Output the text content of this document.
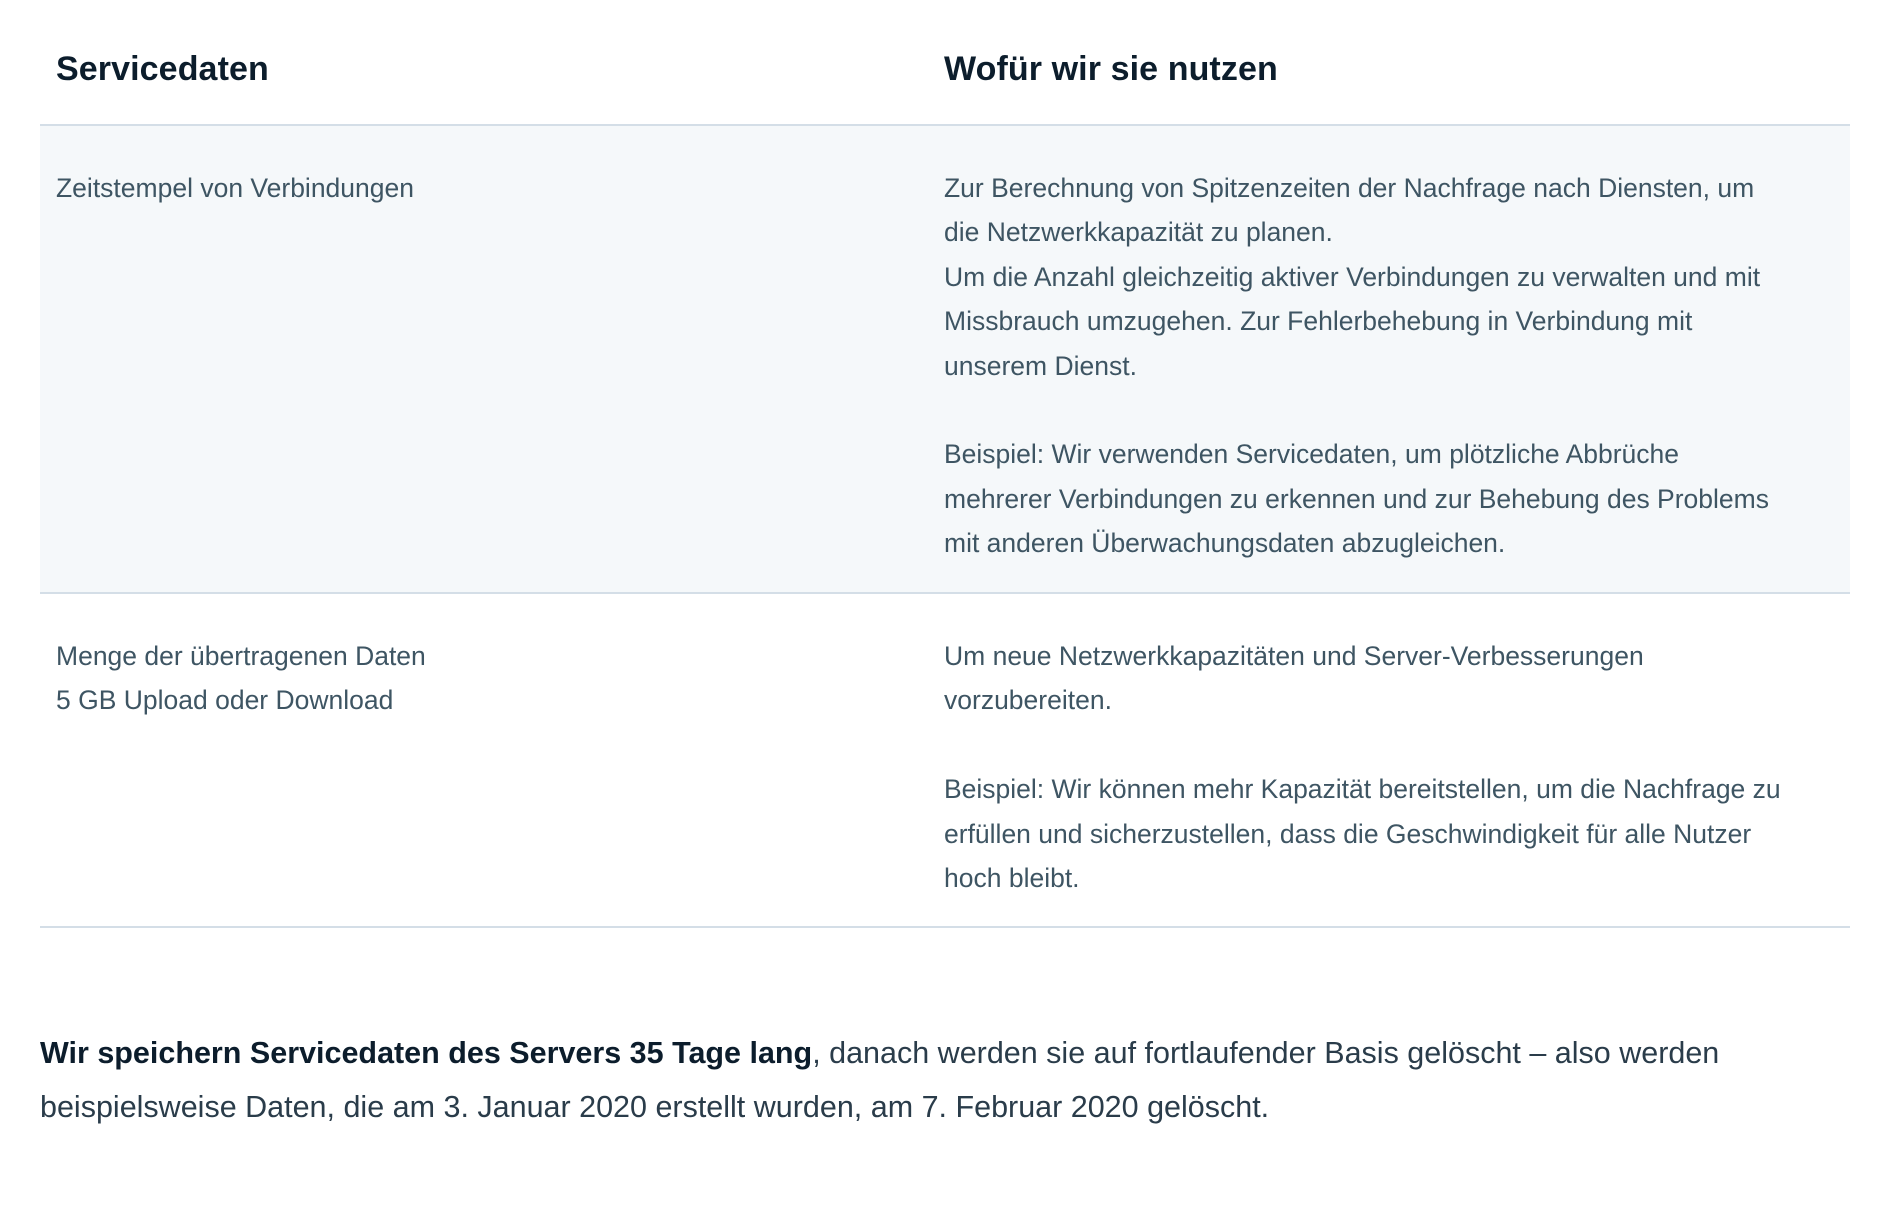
Servicedaten	Wofür wir sie nutzen
Zeitstempel von Verbindungen	Zur Berechnung von Spitzenzeiten der Nachfrage nach Diensten, um
die Netzwerkkapazität zu planen.
Um die Anzahl gleichzeitig aktiver Verbindungen zu verwalten und mit
Missbrauch umzugehen. Zur Fehlerbehebung in Verbindung mit
unserem Dienst.
Beispiel: Wir verwenden Servicedaten, um plötzliche Abbrüche
mehrerer Verbindungen zu erkennen und zur Behebung des Problems
mit anderen Überwachungsdaten abzugleichen.
Menge der übertragenen Daten
5 GB Upload oder Download
Um neue Netzwerkkapazitäten und Server-Verbesserungen
vorzubereiten.
Beispiel: Wir können mehr Kapazität bereitstellen, um die Nachfrage zu
erfüllen und sicherzustellen, dass die Geschwindigkeit für alle Nutzer
hoch bleibt.
Wir speichern Servicedaten des Servers 35 Tage lang, danach werden sie auf fortlaufender Basis gelöscht – also werden
beispielsweise Daten, die am 3. Januar 2020 erstellt wurden, am 7. Februar 2020 gelöscht.
